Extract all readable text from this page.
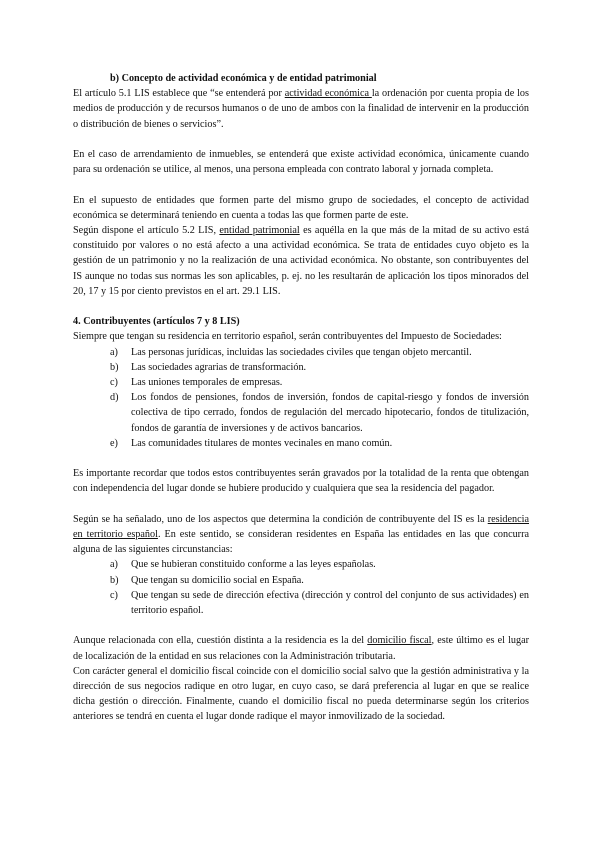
b) Concepto de actividad económica y de entidad patrimonial

El artículo 5.1 LIS establece que “se entenderá por actividad económica la ordenación por cuenta propia de los medios de producción y de recursos humanos o de uno de ambos con la finalidad de intervenir en la producción o distribución de bienes o servicios”.

En el caso de arrendamiento de inmuebles, se entenderá que existe actividad económica, únicamente cuando para su ordenación se utilice, al menos, una persona empleada con contrato laboral y jornada completa.

En el supuesto de entidades que formen parte del mismo grupo de sociedades, el concepto de actividad económica se determinará teniendo en cuenta a todas las que formen parte de este.

Según dispone el artículo 5.2 LIS, entidad patrimonial es aquélla en la que más de la mitad de su activo está constituido por valores o no está afecto a una actividad económica. Se trata de entidades cuyo objeto es la gestión de un patrimonio y no la realización de una actividad económica. No obstante, son contribuyentes del IS aunque no todas sus normas les son aplicables, p. ej. no les resultarán de aplicación los tipos minorados del 20, 17 y 15 por ciento previstos en el art. 29.1 LIS.

4. Contribuyentes (artículos 7 y 8 LIS)

Siempre que tengan su residencia en territorio español, serán contribuyentes del Impuesto de Sociedades:

a) Las personas jurídicas, incluidas las sociedades civiles que tengan objeto mercantil.
b) Las sociedades agrarias de transformación.
c) Las uniones temporales de empresas.
d) Los fondos de pensiones, fondos de inversión, fondos de capital-riesgo y fondos de inversión colectiva de tipo cerrado, fondos de regulación del mercado hipotecario, fondos de titulización, fondos de garantía de inversiones y de activos bancarios.
e) Las comunidades titulares de montes vecinales en mano común.

Es importante recordar que todos estos contribuyentes serán gravados por la totalidad de la renta que obtengan con independencia del lugar donde se hubiere producido y cualquiera que sea la residencia del pagador.

Según se ha señalado, uno de los aspectos que determina la condición de contribuyente del IS es la residencia en territorio español. En este sentido, se consideran residentes en España las entidades en las que concurra alguna de las siguientes circunstancias:

a) Que se hubieran constituido conforme a las leyes españolas.
b) Que tengan su domicilio social en España.
c) Que tengan su sede de dirección efectiva (dirección y control del conjunto de sus actividades) en territorio español.

Aunque relacionada con ella, cuestión distinta a la residencia es la del domicilio fiscal, este último es el lugar de localización de la entidad en sus relaciones con la Administración tributaria.

Con carácter general el domicilio fiscal coincide con el domicilio social salvo que la gestión administrativa y la dirección de sus negocios radique en otro lugar, en cuyo caso, se dará preferencia al lugar en que se realice dicha gestión o dirección. Finalmente, cuando el domicilio fiscal no pueda determinarse según los criterios anteriores se tendrá en cuenta el lugar donde radique el mayor inmovilizado de la sociedad.
